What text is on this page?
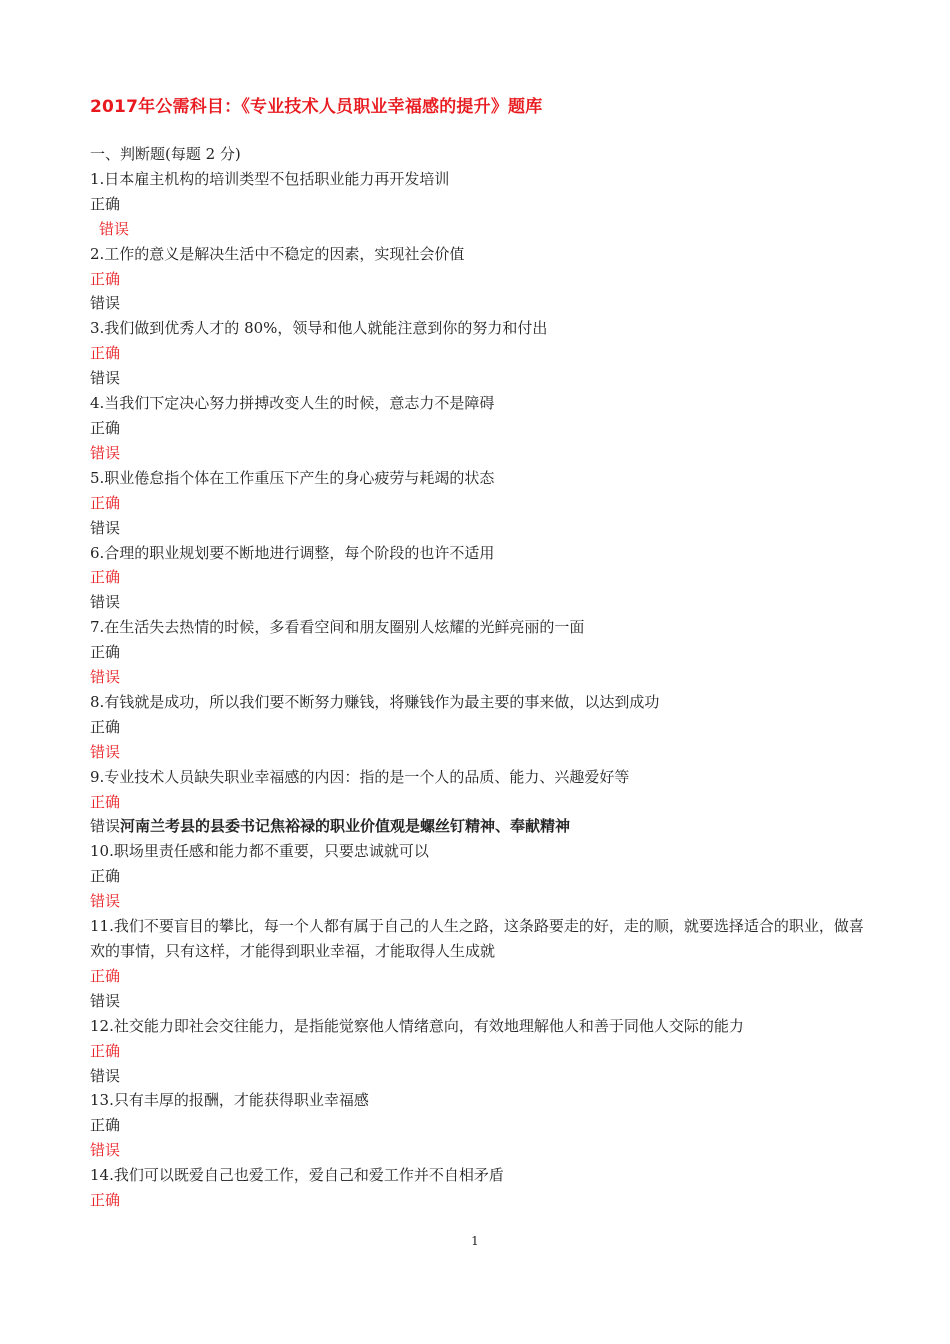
2017年公需科目：《专业技术人员职业幸福感的提升》题库
一、判断题(每题 2 分)
1.日本雇主机构的培训类型不包括职业能力再开发培训
正确
错误
2.工作的意义是解决生活中不稳定的因素，实现社会价值
正确
错误
3.我们做到优秀人才的 80%，领导和他人就能注意到你的努力和付出
正确
错误
4.当我们下定决心努力拼搏改变人生的时候，意志力不是障碍
正确
错误
5.职业倦怠指个体在工作重压下产生的身心疲劳与耗竭的状态
正确
错误
6.合理的职业规划要不断地进行调整，每个阶段的也许不适用
正确
错误
7.在生活失去热情的时候，多看看空间和朋友圈别人炫耀的光鲜亮丽的一面
正确
错误
8.有钱就是成功，所以我们要不断努力赚钱，将赚钱作为最主要的事来做，以达到成功
正确
错误
9.专业技术人员缺失职业幸福感的内因：指的是一个人的品质、能力、兴趣爱好等
正确
错误河南兰考县的县委书记焦裕禄的职业价值观是螺丝钉精神、奉献精神
10.职场里责任感和能力都不重要，只要忠诚就可以
正确
错误
11.我们不要盲目的攀比，每一个人都有属于自己的人生之路，这条路要走的好，走的顺，就要选择适合的职业，做喜欢的事情，只有这样，才能得到职业幸福，才能取得人生成就
正确
错误
12.社交能力即社会交往能力，是指能觉察他人情绪意向，有效地理解他人和善于同他人交际的能力
正确
错误
13.只有丰厚的报酬，才能获得职业幸福感
正确
错误
14.我们可以既爱自己也爱工作，爱自己和爱工作并不自相矛盾
正确
1
